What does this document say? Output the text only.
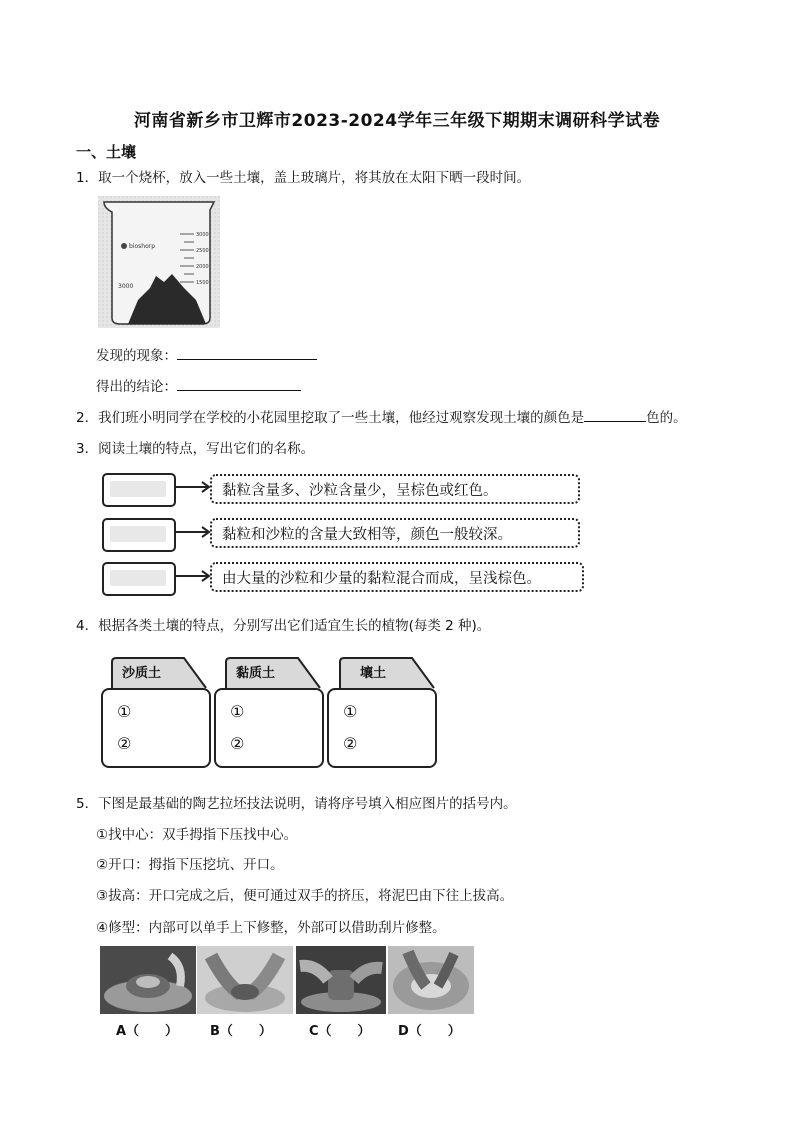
河南省新乡市卫辉市2023-2024学年三年级下期期末调研科学试卷
一、土壤
1．取一个烧杯，放入一些土壤，盖上玻璃片，将其放在太阳下晒一段时间。
3000
2500
2000
1500
3000
bioshorp
发现的现象：
得出的结论：
2．我们班小明同学在学校的小花园里挖取了一些土壤，他经过观察发现土壤的颜色是	色的。
3．阅读土壤的特点，写出它们的名称。
黏粒含量多、沙粒含量少，呈棕色或红色。
黏粒和沙粒的含量大致相等，颜色一般较深。
由大量的沙粒和少量的黏粒混合而成，呈浅棕色。
4．根据各类土壤的特点，分别写出它们适宜生长的植物(每类 2 种)。
沙质土
①
②
黏质土
①
②
壤土
①
②
5．下图是最基础的陶艺拉坯技法说明，请将序号填入相应图片的括号内。
①找中心：双手拇指下压找中心。
②开口：拇指下压挖坑、开口。
③拔高：开口完成之后，便可通过双手的挤压，将泥巴由下往上拔高。
④修型：内部可以单手上下修整，外部可以借助刮片修整。
A（　　） B（　　）	C（　　） D（　　）
